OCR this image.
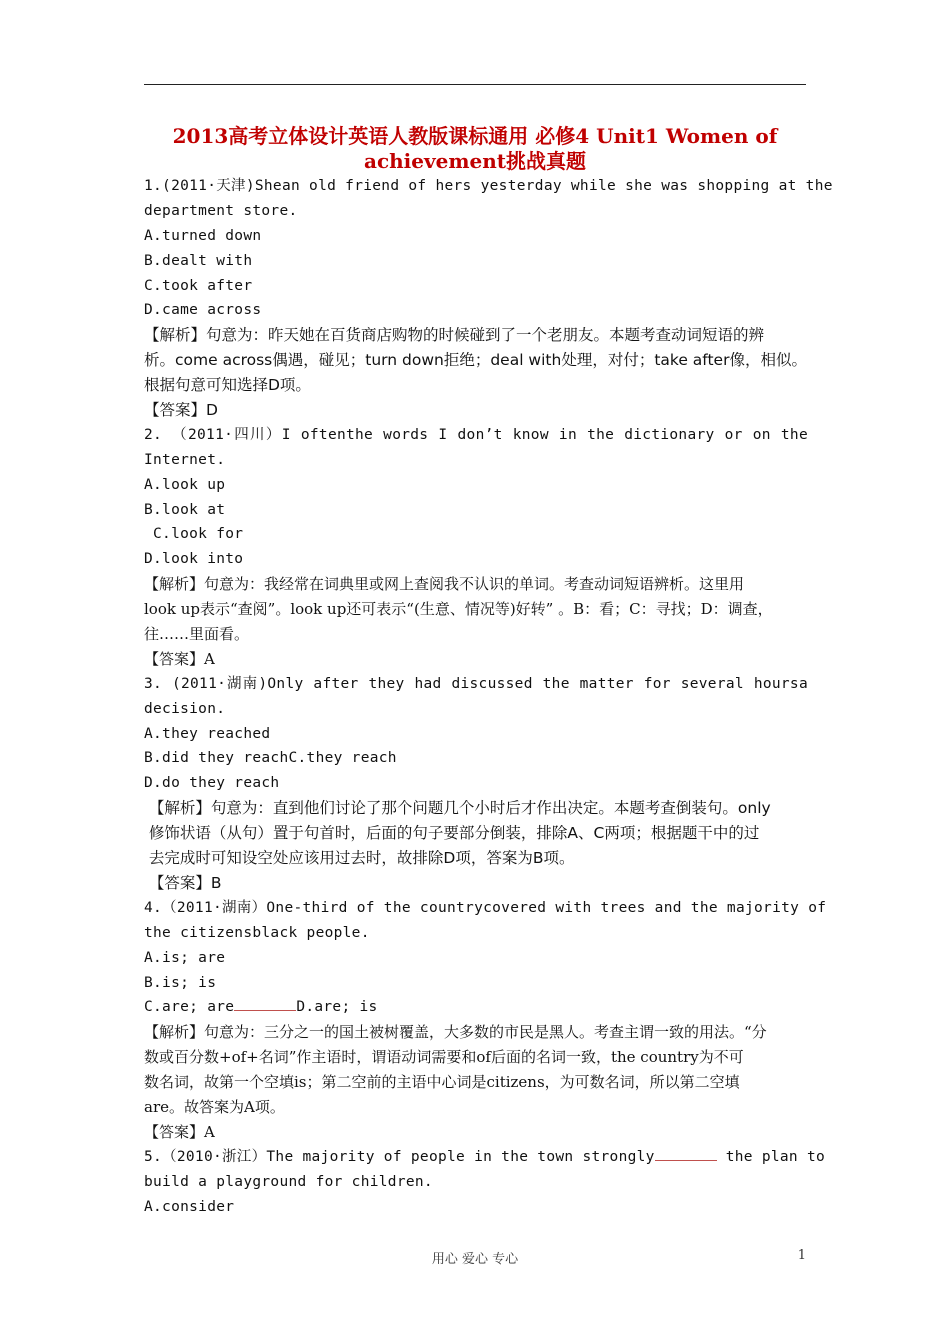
2013高考立体设计英语人教版课标通用 必修4 Unit1 Women of
achievement挑战真题
1.(2011·天津)Shean old friend of hers yesterday while she was shopping at the
department store.
A.turned down
B.dealt with
C.took after
D.came across
【解析】句意为：昨天她在百货商店购物的时候碰到了一个老朋友。本题考查动词短语的辨
析。come across偶遇，碰见；turn down拒绝；deal with处理，对付；take after像，相似。
根据句意可知选择D项。
【答案】D
2. （2011·四川）I oftenthe words I don’t know in the dictionary or on the
Internet.
A.look up
B.look at
C.look for
D.look into
【解析】句意为：我经常在词典里或网上查阅我不认识的单词。考查动词短语辨析。这里用
look up表示“查阅”。look up还可表示“(生意、情况等)好转” 。B：看；C：寻找；D：调查，
往……里面看。
【答案】A
3. (2011·湖南)Only after they had discussed the matter for several hoursa
decision.
A.they reached
B.did they reachC.they reach
D.do they reach
【解析】句意为：直到他们讨论了那个问题几个小时后才作出决定。本题考查倒装句。only
修饰状语（从句）置于句首时，后面的句子要部分倒装，排除A、C两项；根据题干中的过
去完成时可知设空处应该用过去时，故排除D项，答案为B项。
【答案】B
4.（2011·湖南）One-third of the countrycovered with trees and the majority of
the citizensblack people.
A.is; are
B.is; is
C.are; are	D.are; is
【解析】句意为：三分之一的国土被树覆盖，大多数的市民是黑人。考查主谓一致的用法。“分
数或百分数+of+名词”作主语时，谓语动词需要和of后面的名词一致，the country为不可
数名词，故第一个空填is；第二空前的主语中心词是citizens，为可数名词，所以第二空填
are。故答案为A项。
【答案】A
5.（2010·浙江）The majority of people in the town strongly	the plan to
build a playground for children.
A.consider
用心 爱心 专心	1
